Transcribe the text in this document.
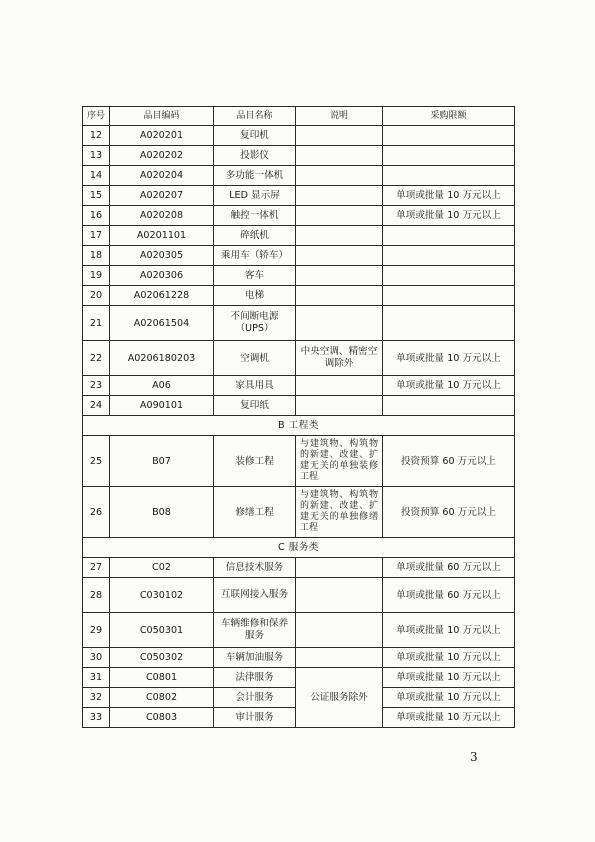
序号	品目编码	品目名称	说明	采购限额
12	A020201	复印机		
13	A020202	投影仪		
14	A020204	多功能一体机		
15	A020207	LED 显示屏		单项或批量 10 万元以上
16	A020208	触控一体机		单项或批量 10 万元以上
17	A0201101	碎纸机		
18	A020305	乘用车（轿车）		
19	A020306	客车		
20	A02061228	电梯		
21	A02061504	不间断电源（UPS）		
22	A0206180203	空调机	中央空调、精密空调除外	单项或批量 10 万元以上
23	A06	家具用具		单项或批量 10 万元以上
24	A090101	复印纸		
B 工程类				
25	B07	装修工程	与建筑物、构筑物的新建、改建、扩建无关的单独装修工程	投资预算 60 万元以上
26	B08	修缮工程	与建筑物、构筑物的新建、改建、扩建无关的单独修缮工程	投资预算 60 万元以上
C 服务类				
27	C02	信息技术服务		单项或批量 60 万元以上
28	C030102	互联网接入服务		单项或批量 60 万元以上
29	C050301	车辆维修和保养服务		单项或批量 10 万元以上
30	C050302	车辆加油服务		单项或批量 10 万元以上
31	C0801	法律服务	公证服务除外	单项或批量 10 万元以上
32	C0802	会计服务		单项或批量 10 万元以上
33	C0803	审计服务		单项或批量 10 万元以上
3
